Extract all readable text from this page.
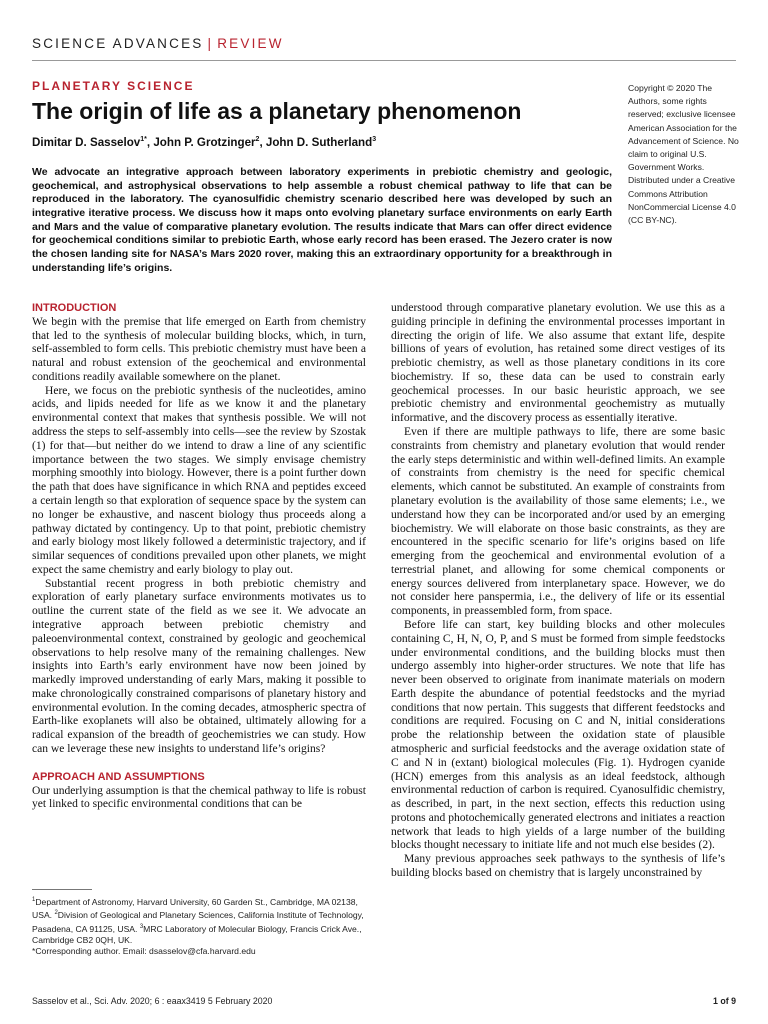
SCIENCE ADVANCES | REVIEW
PLANETARY SCIENCE
The origin of life as a planetary phenomenon
Dimitar D. Sasselov$^{1*}$, John P. Grotzinger$^2$, John D. Sutherland$^3$
We advocate an integrative approach between laboratory experiments in prebiotic chemistry and geologic, geochemical, and astrophysical observations to help assemble a robust chemical pathway to life that can be reproduced in the laboratory. The cyanosulfidic chemistry scenario described here was developed by such an integrative iterative process. We discuss how it maps onto evolving planetary surface environments on early Earth and Mars and the value of comparative planetary evolution. The results indicate that Mars can offer direct evidence for geochemical conditions similar to prebiotic Earth, whose early record has been erased. The Jezero crater is now the chosen landing site for NASA’s Mars 2020 rover, making this an extraordinary opportunity for a breakthrough in understanding life’s origins.
Copyright © 2020 The Authors, some rights reserved; exclusive licensee American Association for the Advancement of Science. No claim to original U.S. Government Works. Distributed under a Creative Commons Attribution NonCommercial License 4.0 (CC BY-NC).
INTRODUCTION

We begin with the premise that life emerged on Earth from chemistry that led to the synthesis of molecular building blocks, which, in turn, self-assembled to form cells. This prebiotic chemistry must have been a natural and robust extension of the geochemical and environmental conditions readily available somewhere on the planet.

Here, we focus on the prebiotic synthesis of the nucleotides, amino acids, and lipids needed for life as we know it and the planetary environmental context that makes that synthesis possible. We will not address the steps to self-assembly into cells—see the review by Szostak (1) for that—but neither do we intend to draw a line of any scientific importance between the two stages. We simply envisage chemistry morphing smoothly into biology. However, there is a point further down the path that does have significance in which RNA and peptides exceed a certain length so that exploration of sequence space by the system can no longer be exhaustive, and nascent biology thus proceeds along a pathway dictated by contingency. Up to that point, prebiotic chemistry and early biology most likely followed a deterministic trajectory, and if similar sequences of conditions prevailed upon other planets, we might expect the same chemistry and early biology to play out.

Substantial recent progress in both prebiotic chemistry and exploration of early planetary surface environments motivates us to outline the current state of the field as we see it. We advocate an integrative approach between prebiotic chemistry and paleoenvironmental context, constrained by geologic and geochemical observations to help resolve many of the remaining challenges. New insights into Earth’s early environment have now been joined by markedly improved understanding of early Mars, making it possible to make chronologically constrained comparisons of planetary history and environmental evolution. In the coming decades, atmospheric spectra of Earth-like exoplanets will also be obtained, ultimately allowing for a radical expansion of the breadth of geochemistries we can study. How can we leverage these new insights to understand life’s origins?

APPROACH AND ASSUMPTIONS

Our underlying assumption is that the chemical pathway to life is robust yet linked to specific environmental conditions that can be

understood through comparative planetary evolution. We use this as a guiding principle in defining the environmental processes important in directing the origin of life. We also assume that extant life, despite billions of years of evolution, has retained some direct vestiges of its prebiotic chemistry, as well as those planetary conditions in its core biochemistry. If so, these data can be used to constrain early geochemical processes. In our basic heuristic approach, we see prebiotic chemistry and environmental geochemistry as mutually informative, and the discovery process as essentially iterative.

Even if there are multiple pathways to life, there are some basic constraints from chemistry and planetary evolution that would render the early steps deterministic and within well-defined limits. An example of constraints from chemistry is the need for specific chemical elements, which cannot be substituted. An example of constraints from planetary evolution is the availability of those same elements; i.e., we understand how they can be incorporated and/or used by an emerging biochemistry. We will elaborate on those basic constraints, as they are encountered in the specific scenario for life’s origins based on life emerging from the geochemical and environmental evolution of a terrestrial planet, and allowing for some chemical components or energy sources delivered from interplanetary space. However, we do not consider here panspermia, i.e., the delivery of life or its essential components, in preassembled form, from space.

Before life can start, key building blocks and other molecules containing C, H, N, O, P, and S must be formed from simple feedstocks under environmental conditions, and the building blocks must then undergo assembly into higher-order structures. We note that life has never been observed to originate from inanimate materials on modern Earth despite the abundance of potential feedstocks and the myriad conditions that now pertain. This suggests that different feedstocks and conditions are required. Focusing on C and N, initial considerations probe the relationship between the oxidation state of plausible atmospheric and surficial feedstocks and the average oxidation state of C and N in (extant) biological molecules (Fig. 1). Hydrogen cyanide (HCN) emerges from this analysis as an ideal feedstock, although environmental reduction of carbon is required. Cyanosulfidic chemistry, as described, in part, in the next section, effects this reduction using protons and photochemically generated electrons and initiates a reaction network that leads to high yields of a large number of the building blocks thought necessary to initiate life and not much else besides (2).

Many previous approaches seek pathways to the synthesis of life’s building blocks based on chemistry that is largely unconstrained by

$^1$Department of Astronomy, Harvard University, 60 Garden St., Cambridge, MA 02138, USA. $^2$Division of Geological and Planetary Sciences, California Institute of Technology, Pasadena, CA 91125, USA. $^3$MRC Laboratory of Molecular Biology, Francis Crick Ave., Cambridge CB2 0QH, UK.

*Corresponding author. Email: dsasselov@cfa.harvard.edu

Sasselov et al., Sci. Adv. 2020; 6 : eaax3419 5 February 2020	1 of 9
